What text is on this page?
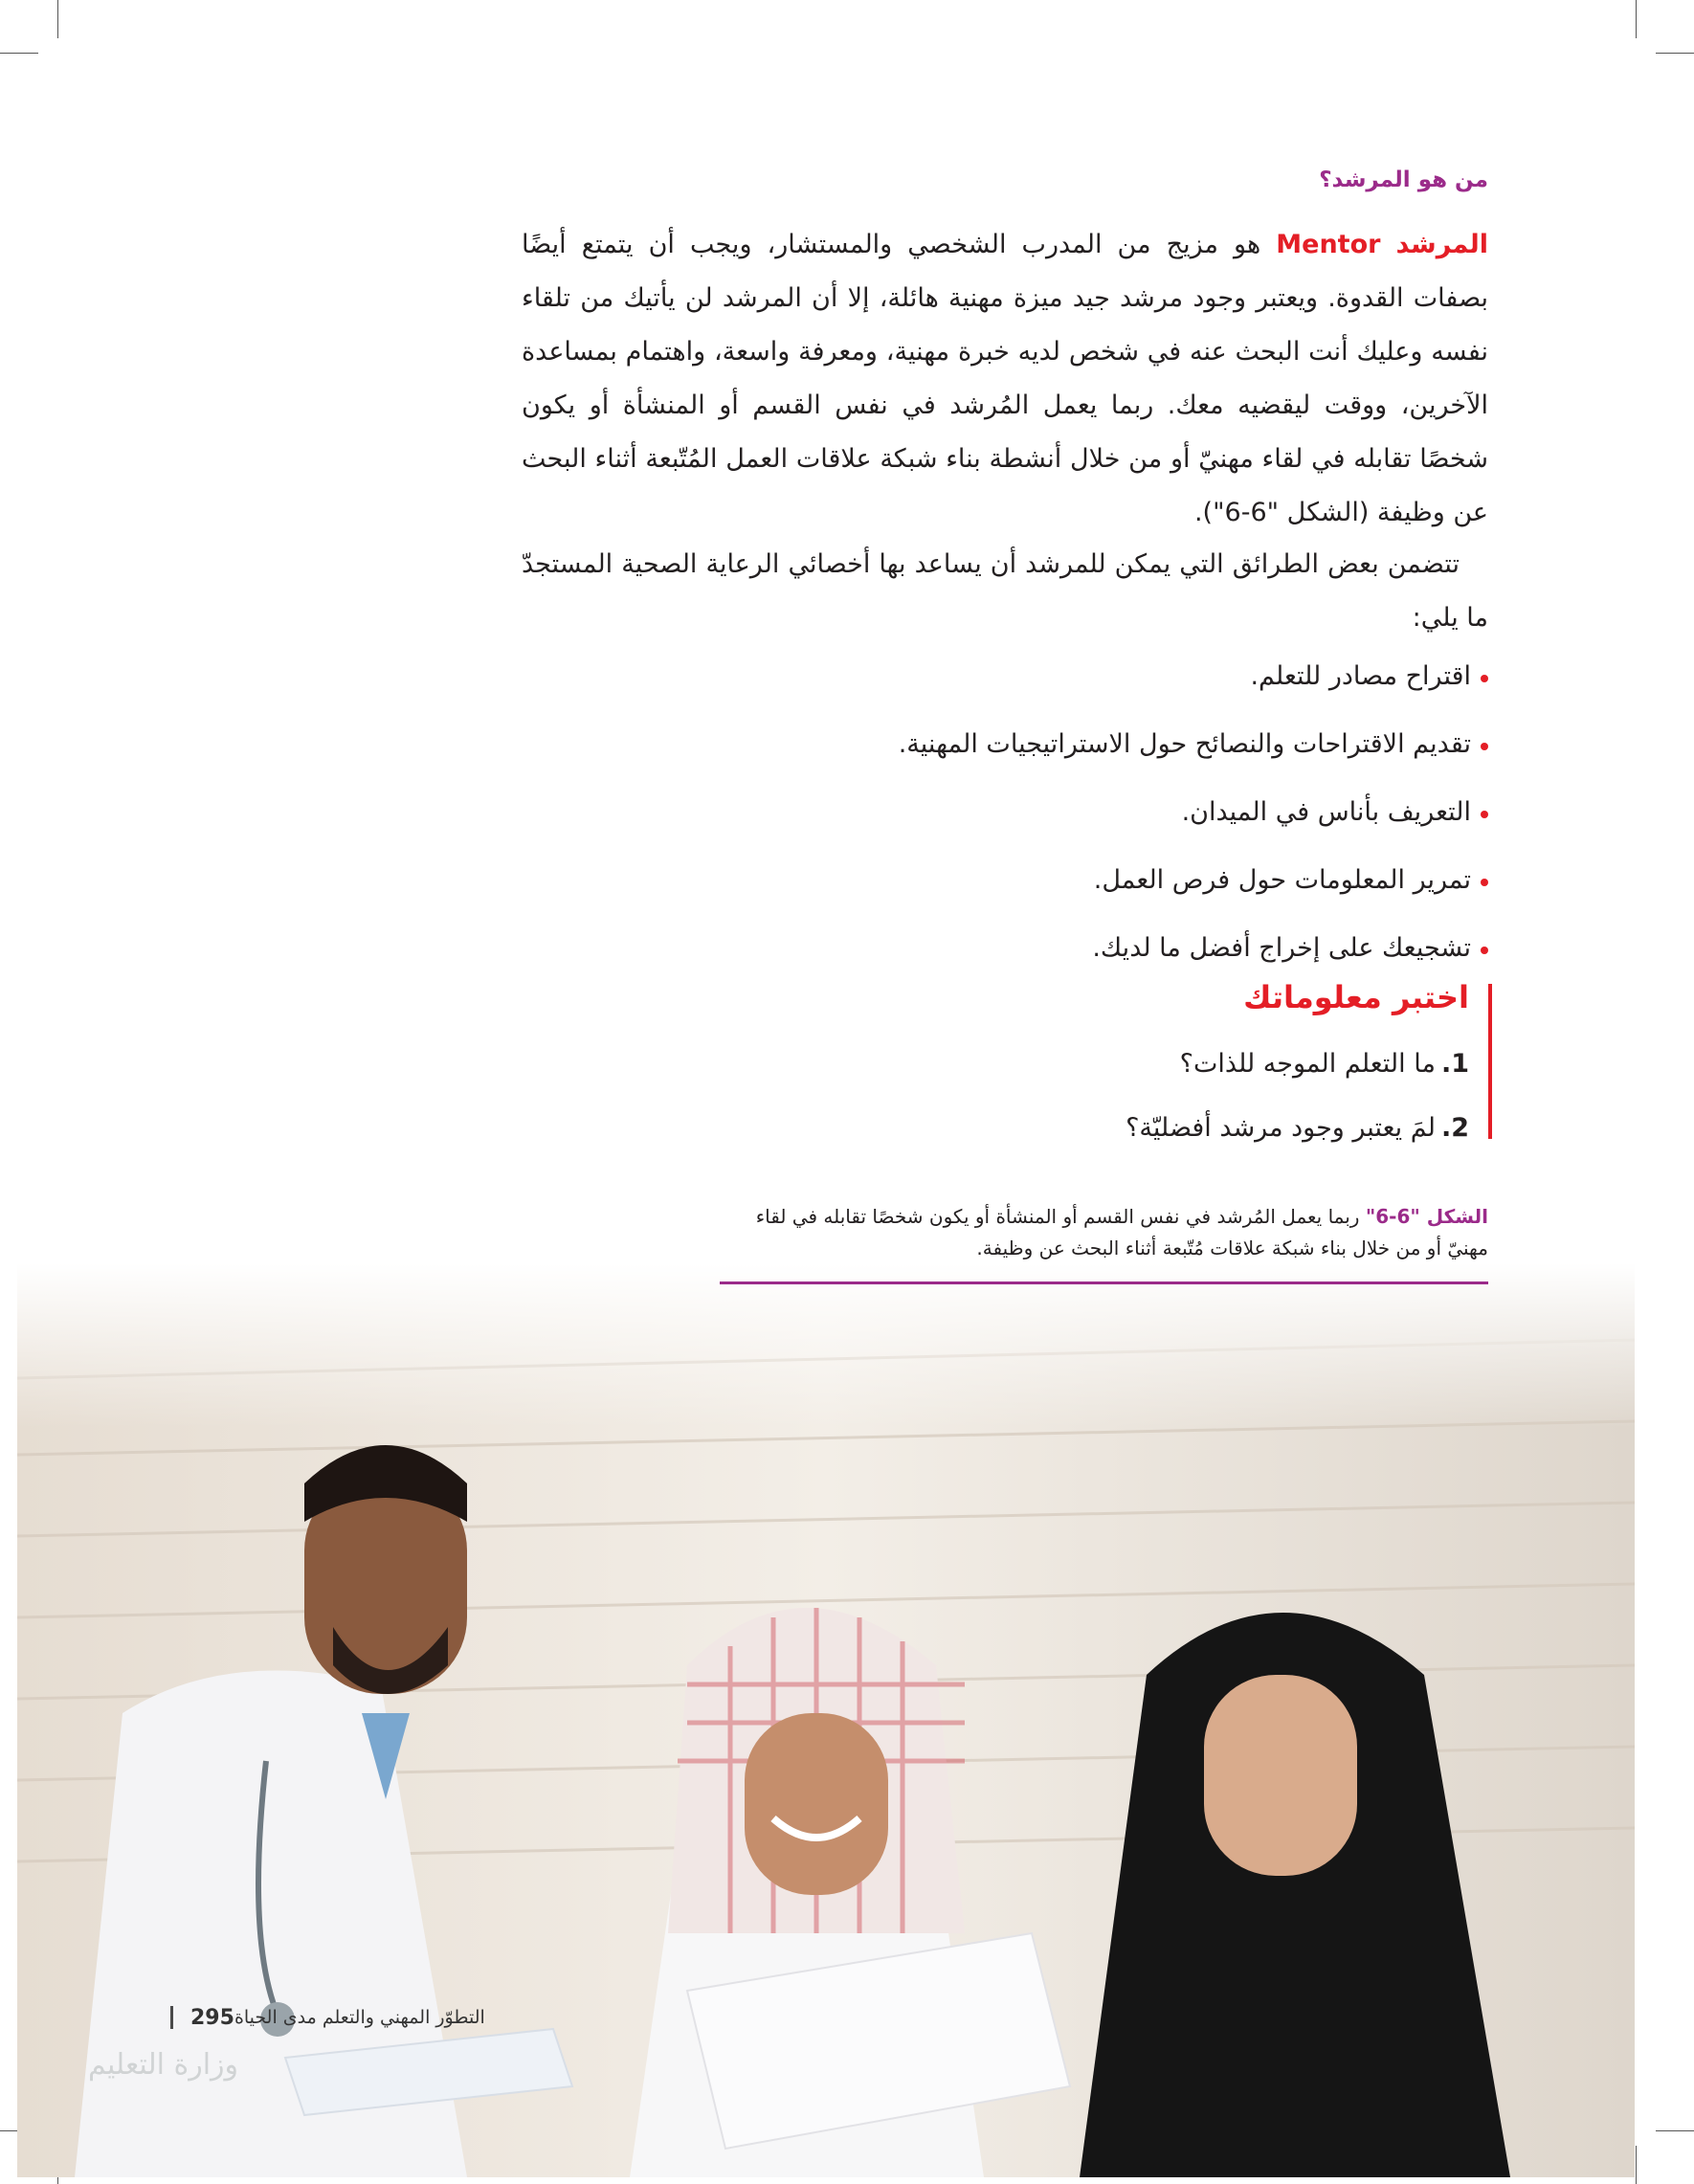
من هو المرشد؟

المرشد Mentor هو مزيج من المدرب الشخصي والمستشار، ويجب أن يتمتع أيضًا بصفات القدوة. ويعتبر وجود مرشد جيد ميزة مهنية هائلة، إلا أن المرشد لن يأتيك من تلقاء نفسه وعليك أنت البحث عنه في شخص لديه خبرة مهنية، ومعرفة واسعة، واهتمام بمساعدة الآخرين، ووقت ليقضيه معك. ربما يعمل المُرشد في نفس القسم أو المنشأة أو يكون شخصًا تقابله في لقاء مهنيّ أو من خلال أنشطة بناء شبكة علاقات العمل المُتّبعة أثناء البحث عن وظيفة (الشكل "6-6").

تتضمن بعض الطرائق التي يمكن للمرشد أن يساعد بها أخصائي الرعاية الصحية المستجدّ ما يلي:

اقتراح مصادر للتعلم.
تقديم الاقتراحات والنصائح حول الاستراتيجيات المهنية.
التعريف بأناس في الميدان.
تمرير المعلومات حول فرص العمل.
تشجيعك على إخراج أفضل ما لديك.
اختبر معلوماتك
1.ما التعلم الموجه للذات؟
2.لمَ يعتبر وجود مرشد أفضليّة؟

الشكل "6-6" ربما يعمل المُرشد في نفس القسم أو المنشأة أو يكون شخصًا تقابله في لقاء مهنيّ أو من خلال بناء شبكة علاقات مُتّبعة أثناء البحث عن وظيفة.

التطوّر المهني والتعلم مدى الحياة
295
وزارة التعليم
